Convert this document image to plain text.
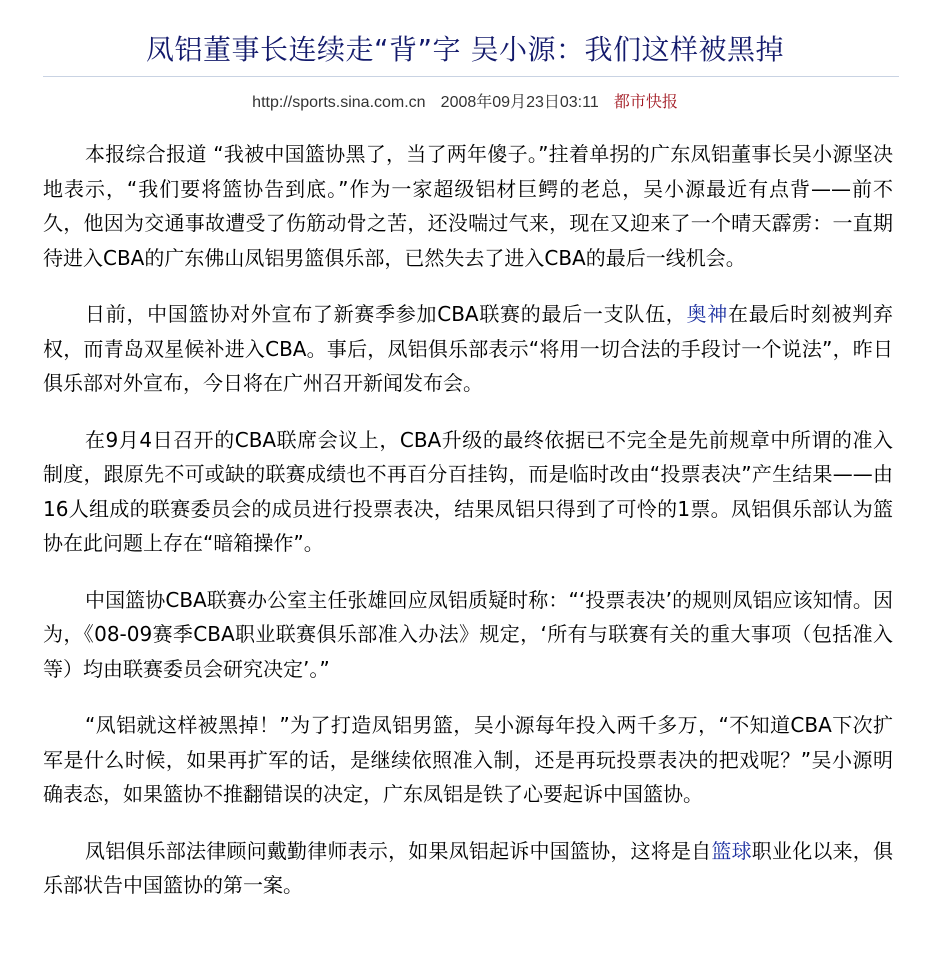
凤铝董事长连续走“背”字 吴小源：我们这样被黑掉
http://sports.sina.com.cn 2008年09月23日03:11 都市快报

本报综合报道 “我被中国篮协黑了，当了两年傻子。”拄着单拐的广东凤铝董事长吴小源坚决地表示，“我们要将篮协告到底。”作为一家超级铝材巨鳄的老总，吴小源最近有点背——前不久，他因为交通事故遭受了伤筋动骨之苦，还没喘过气来，现在又迎来了一个晴天霹雳：一直期待进入CBA的广东佛山凤铝男篮俱乐部，已然失去了进入CBA的最后一线机会。

日前，中国篮协对外宣布了新赛季参加CBA联赛的最后一支队伍，奥神在最后时刻被判弃权，而青岛双星候补进入CBA。事后，凤铝俱乐部表示“将用一切合法的手段讨一个说法”，昨日俱乐部对外宣布，今日将在广州召开新闻发布会。

在9月4日召开的CBA联席会议上，CBA升级的最终依据已不完全是先前规章中所谓的准入制度，跟原先不可或缺的联赛成绩也不再百分百挂钩，而是临时改由“投票表决”产生结果——由16人组成的联赛委员会的成员进行投票表决，结果凤铝只得到了可怜的1票。凤铝俱乐部认为篮协在此问题上存在“暗箱操作”。

中国篮协CBA联赛办公室主任张雄回应凤铝质疑时称：“‘投票表决’的规则凤铝应该知情。因为，《08-09赛季CBA职业联赛俱乐部准入办法》规定，‘所有与联赛有关的重大事项（包括准入等）均由联赛委员会研究决定’。”

“凤铝就这样被黑掉！”为了打造凤铝男篮，吴小源每年投入两千多万，“不知道CBA下次扩军是什么时候，如果再扩军的话，是继续依照准入制，还是再玩投票表决的把戏呢？”吴小源明确表态，如果篮协不推翻错误的决定，广东凤铝是铁了心要起诉中国篮协。

凤铝俱乐部法律顾问戴勤律师表示，如果凤铝起诉中国篮协，这将是自篮球职业化以来，俱乐部状告中国篮协的第一案。
